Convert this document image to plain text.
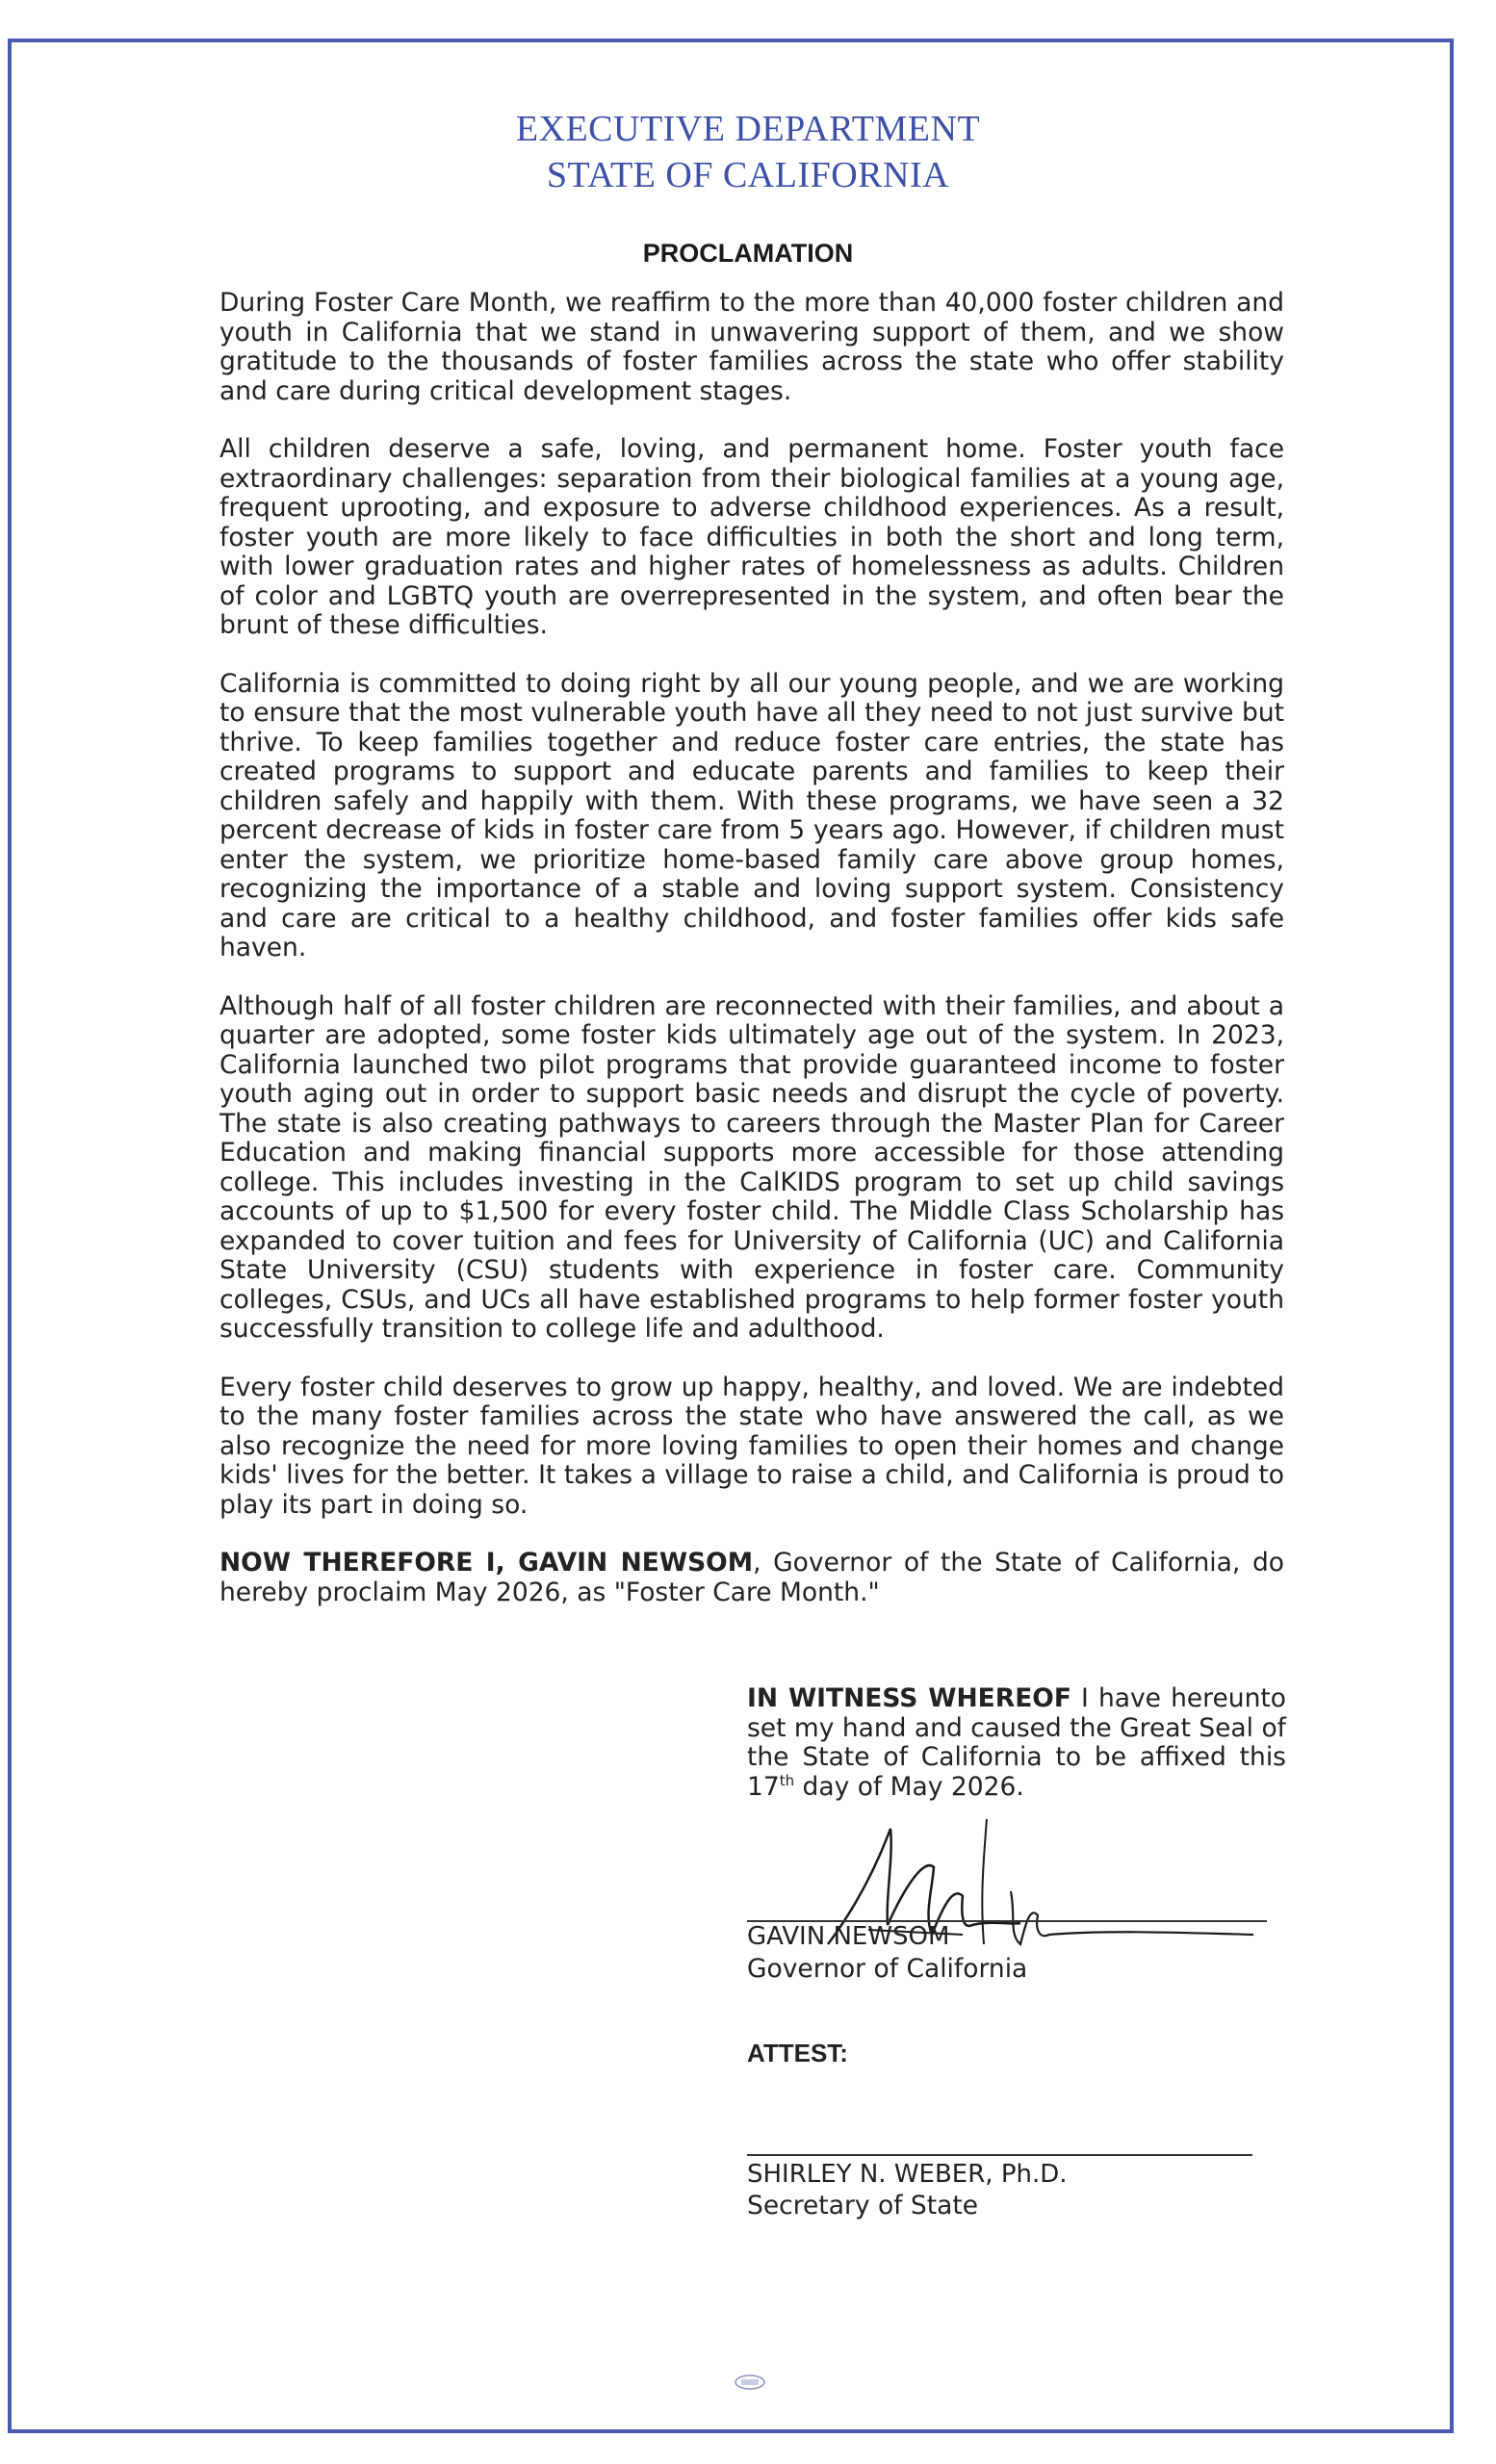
EXECUTIVE DEPARTMENT
STATE OF CALIFORNIA
PROCLAMATION

During Foster Care Month, we reaffirm to the more than 40,000 foster children and youth in California that we stand in unwavering support of them, and we show gratitude to the thousands of foster families across the state who offer stability and care during critical development stages.

All children deserve a safe, loving, and permanent home. Foster youth face extraordinary challenges: separation from their biological families at a young age, frequent uprooting, and exposure to adverse childhood experiences. As a result, foster youth are more likely to face difficulties in both the short and long term, with lower graduation rates and higher rates of homelessness as adults. Children of color and LGBTQ youth are overrepresented in the system, and often bear the brunt of these difficulties.

California is committed to doing right by all our young people, and we are working to ensure that the most vulnerable youth have all they need to not just survive but thrive. To keep families together and reduce foster care entries, the state has created programs to support and educate parents and families to keep their children safely and happily with them. With these programs, we have seen a 32 percent decrease of kids in foster care from 5 years ago. However, if children must enter the system, we prioritize home-based family care above group homes, recognizing the importance of a stable and loving support system. Consistency and care are critical to a healthy childhood, and foster families offer kids safe haven.

Although half of all foster children are reconnected with their families, and about a quarter are adopted, some foster kids ultimately age out of the system. In 2023, California launched two pilot programs that provide guaranteed income to foster youth aging out in order to support basic needs and disrupt the cycle of poverty. The state is also creating pathways to careers through the Master Plan for Career Education and making financial supports more accessible for those attending college. This includes investing in the CalKIDS program to set up child savings accounts of up to $1,500 for every foster child. The Middle Class Scholarship has expanded to cover tuition and fees for University of California (UC) and California State University (CSU) students with experience in foster care. Community colleges, CSUs, and UCs all have established programs to help former foster youth successfully transition to college life and adulthood.

Every foster child deserves to grow up happy, healthy, and loved. We are indebted to the many foster families across the state who have answered the call, as we also recognize the need for more loving families to open their homes and change kids' lives for the better. It takes a village to raise a child, and California is proud to play its part in doing so.

NOW THEREFORE I, GAVIN NEWSOM, Governor of the State of California, do hereby proclaim May 2026, as "Foster Care Month."

IN WITNESS WHEREOF I have hereunto set my hand and caused the Great Seal of the State of California to be affixed this 17th day of May 2026.
GAVIN NEWSOM
Governor of California
ATTEST:
SHIRLEY N. WEBER, Ph.D.
Secretary of State
